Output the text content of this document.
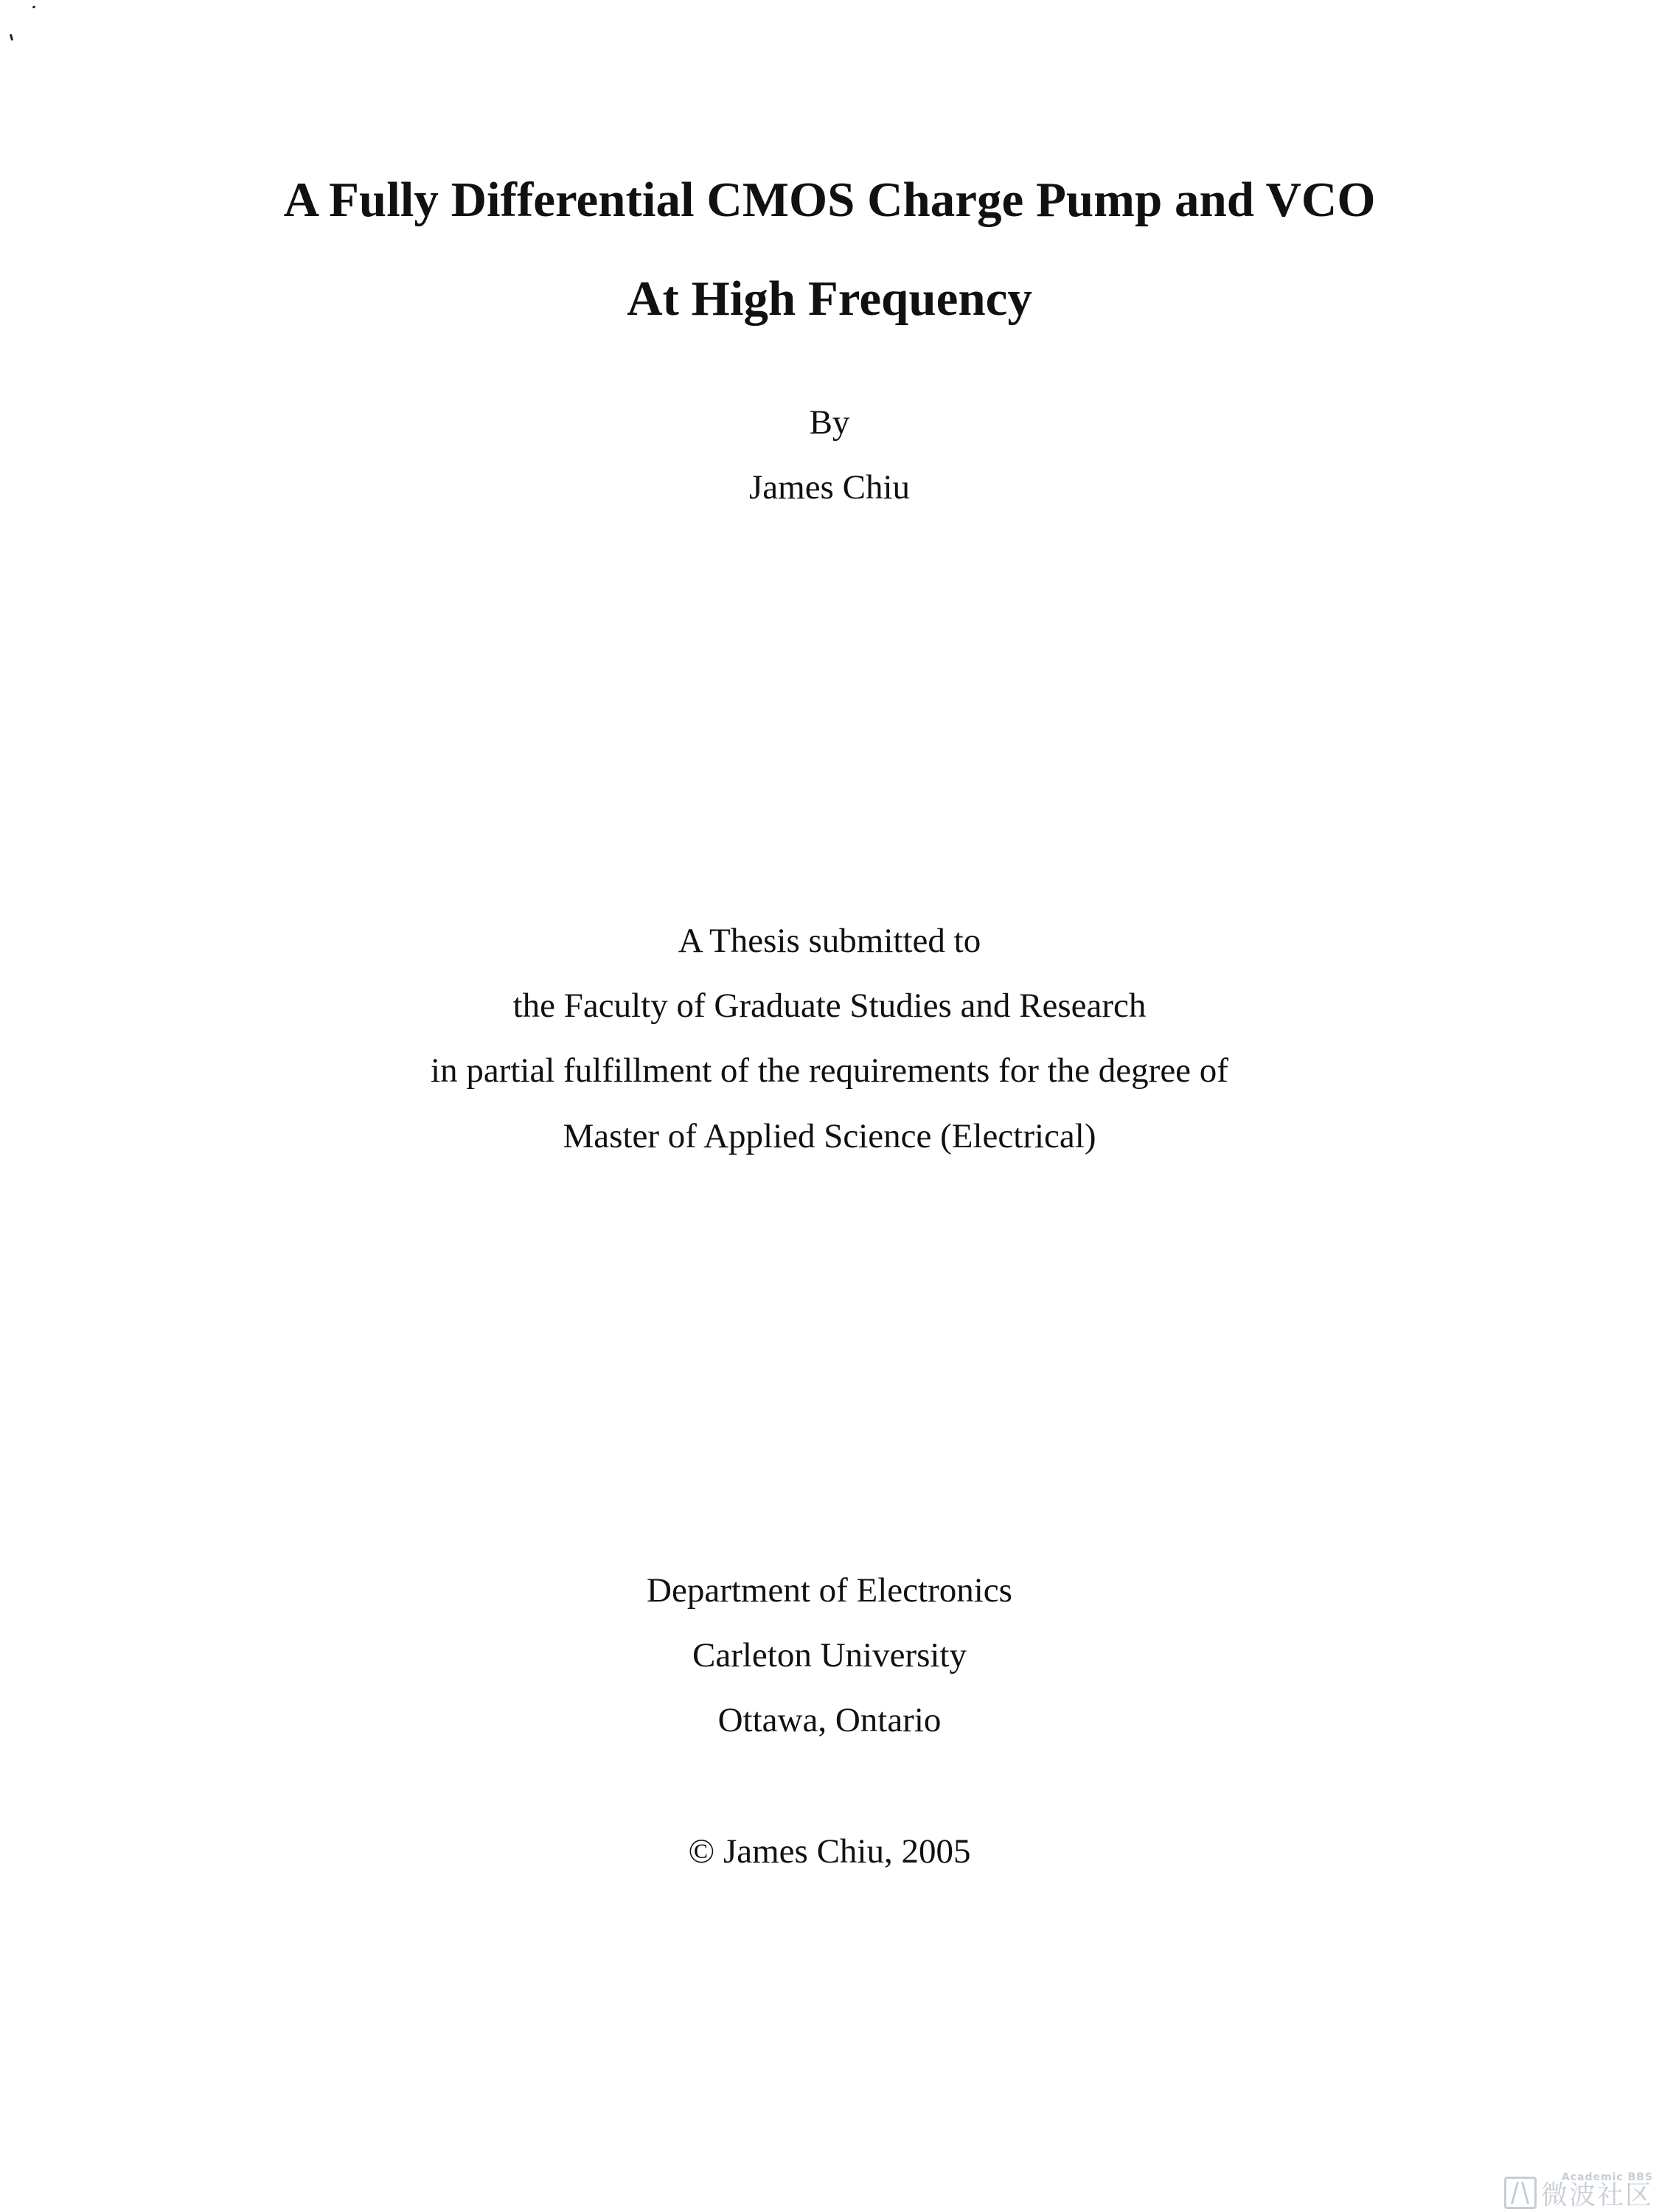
A Fully Differential CMOS Charge Pump and VCO

At High Frequency

By

James Chiu

A Thesis submitted to

the Faculty of Graduate Studies and Research

in partial fulfillment of the requirements for the degree of

Master of Applied Science (Electrical)

Department of Electronics

Carleton University

Ottawa, Ontario

© James Chiu, 2005

Academic BBS
微波社区
